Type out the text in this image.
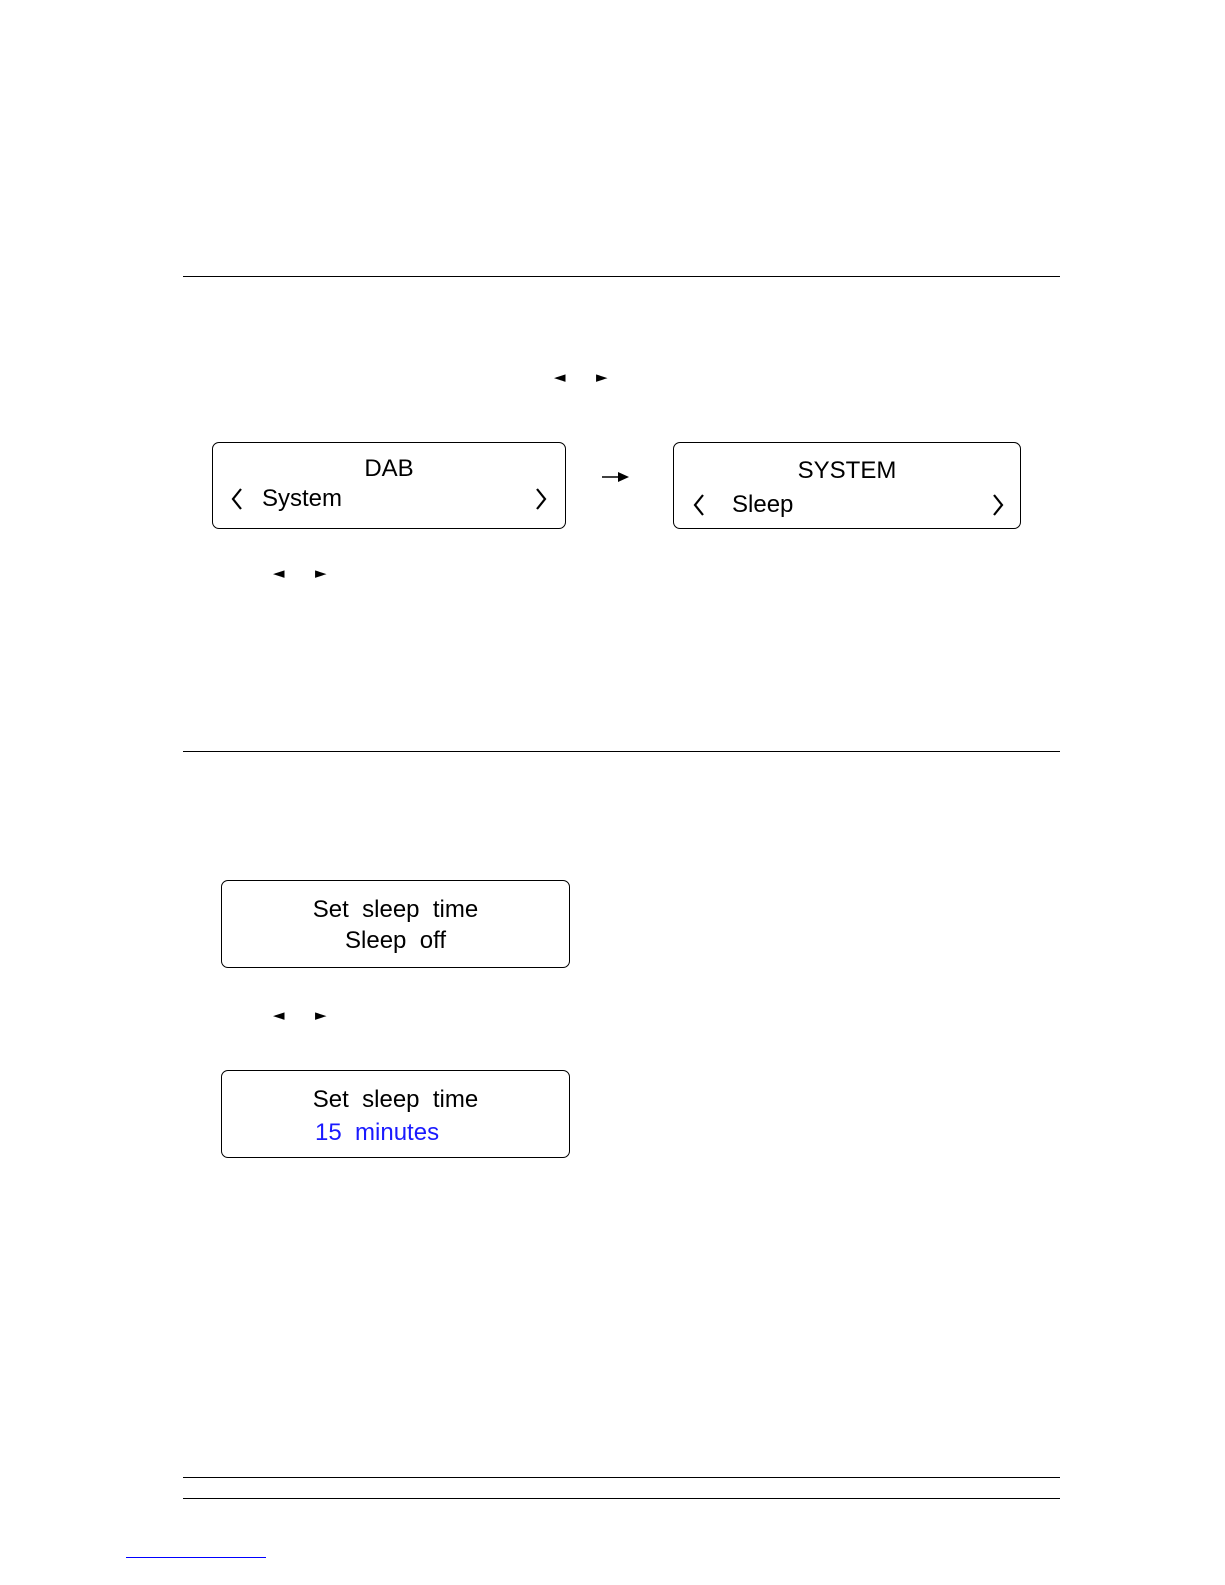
◄ ►
DAB
System
SYSTEM
Sleep
◄ ►
Set  sleep  time
Sleep  off
◄ ►
Set  sleep  time
15  minutes
